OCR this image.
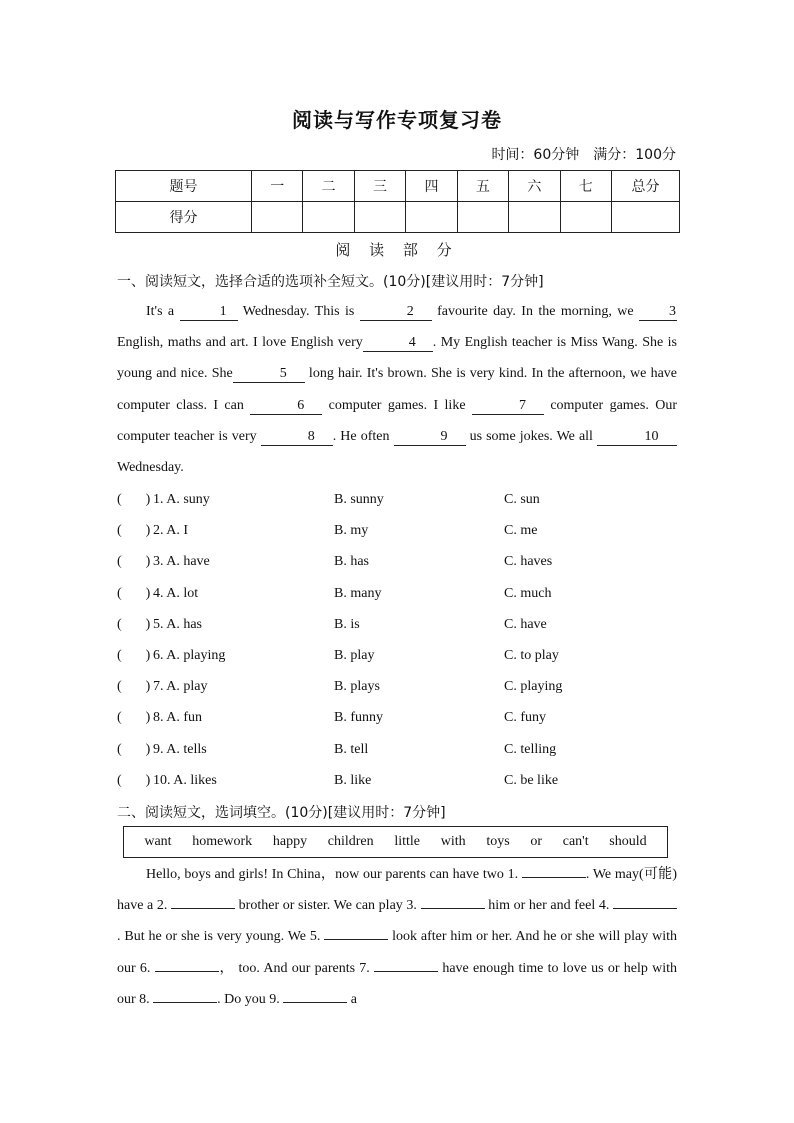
阅读与写作专项复习卷
时间：60分钟 满分：100分
题号	一	二	三	四	五	六	七	总分
得分								
阅 读 部 分
一、阅读短文，选择合适的选项补全短文。(10分)[建议用时：7分钟]

It's a	1 Wednesday. This is	2 favourite day. In the morning, we 3 English, maths and art. I love English very	4 . My English teacher is Miss Wang. She is young and nice. She	5 long hair. It's brown. She is very kind. In the afternoon, we have computer class. I can	6 computer games. I like	7 computer games. Our computer teacher is very	8 . He often	9 us some jokes. We all	10 Wednesday.

( ) 1. A. suny	B. sunny	C. sun
( ) 2. A. I	B. my	C. me
( ) 3. A. have	B. has	C. haves
( ) 4. A. lot	B. many	C. much
( ) 5. A. has	B. is	C. have
( ) 6. A. playing	B. play	C. to play
( ) 7. A. play	B. plays	C. playing
( ) 8. A. fun	B. funny	C. funy
( ) 9. A. tells	B. tell	C. telling
( ) 10. A. likes	B. like	C. be like
二、阅读短文，选词填空。(10分)[建议用时：7分钟]
want homework happy children little with toys or can't should

Hello, boys and girls! In China，now our parents can have two 1.	. We may(可能) have a 2.	brother or sister. We can play 3.	him or her and feel 4. . But he or she is very young. We 5.	look after him or her. And he or she will play with our 6.	， too. And our parents 7.	have enough time to love us or help with our 8.	. Do you 9.	a
